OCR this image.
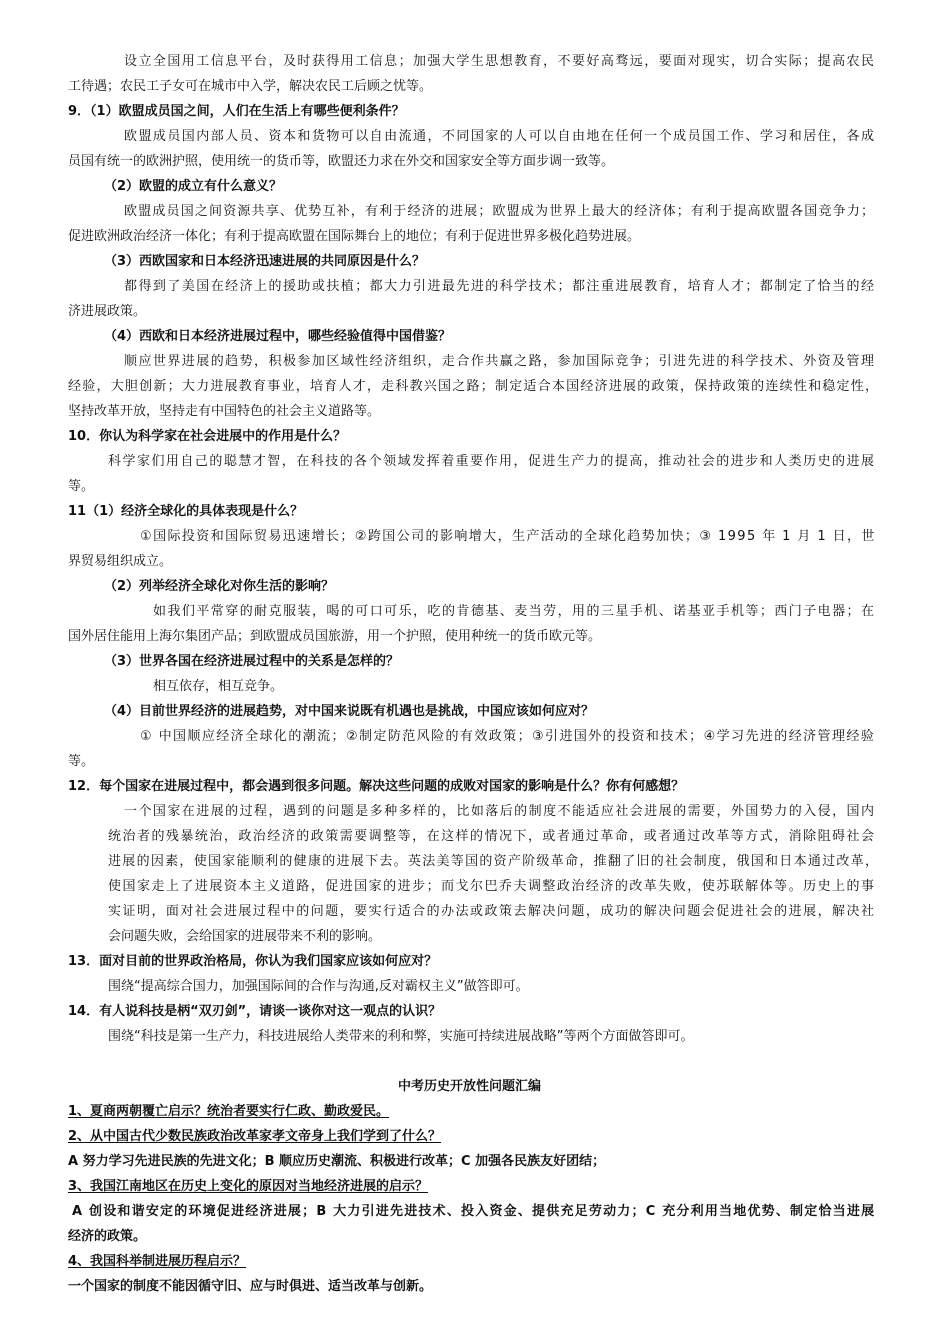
设立全国用工信息平台，及时获得用工信息；加强大学生思想教育，不要好高骛远，要面对现实，切合实际；提高农民
工待遇；农民工子女可在城市中入学，解决农民工后顾之忧等。
9．（1）欧盟成员国之间，人们在生活上有哪些便利条件？
欧盟成员国内部人员、资本和货物可以自由流通，不同国家的人可以自由地在任何一个成员国工作、学习和居住，各成
员国有统一的欧洲护照，使用统一的货币等，欧盟还力求在外交和国家安全等方面步调一致等。
（2）欧盟的成立有什么意义？
欧盟成员国之间资源共享、优势互补，有利于经济的进展；欧盟成为世界上最大的经济体；有利于提高欧盟各国竞争力；
促进欧洲政治经济一体化；有利于提高欧盟在国际舞台上的地位；有利于促进世界多极化趋势进展。
（3）西欧国家和日本经济迅速进展的共同原因是什么？
都得到了美国在经济上的援助或扶植；都大力引进最先进的科学技术；都注重进展教育，培育人才；都制定了恰当的经
济进展政策。
（4）西欧和日本经济进展过程中，哪些经验值得中国借鉴？
顺应世界进展的趋势，积极参加区域性经济组织，走合作共赢之路，参加国际竞争；引进先进的科学技术、外资及管理
经验，大胆创新；大力进展教育事业，培育人才，走科教兴国之路；制定适合本国经济进展的政策，保持政策的连续性和稳定性，
坚持改革开放，坚持走有中国特色的社会主义道路等。
10．你认为科学家在社会进展中的作用是什么？
科学家们用自己的聪慧才智，在科技的各个领域发挥着重要作用，促进生产力的提高，推动社会的进步和人类历史的进展
等。
11（1）经济全球化的具体表现是什么？
①国际投资和国际贸易迅速增长；②跨国公司的影响增大，生产活动的全球化趋势加快；③ 1995 年 1 月 1 日，世
界贸易组织成立。
（2）列举经济全球化对你生活的影响？
如我们平常穿的耐克服装，喝的可口可乐，吃的肯德基、麦当劳，用的三星手机、诺基亚手机等；西门子电器；在
国外居住能用上海尔集团产品；到欧盟成员国旅游，用一个护照，使用种统一的货币欧元等。
（3）世界各国在经济进展过程中的关系是怎样的？
相互依存，相互竞争。
（4）目前世界经济的进展趋势，对中国来说既有机遇也是挑战，中国应该如何应对？
① 中国顺应经济全球化的潮流；②制定防范风险的有效政策；③引进国外的投资和技术；④学习先进的经济管理经验
等。
12．每个国家在进展过程中，都会遇到很多问题。解决这些问题的成败对国家的影响是什么？你有何感想？
一个国家在进展的过程，遇到的问题是多种多样的，比如落后的制度不能适应社会进展的需要，外国势力的入侵，国内
统治者的残暴统治，政治经济的政策需要调整等，在这样的情况下，或者通过革命，或者通过改革等方式，消除阻碍社会
进展的因素，使国家能顺利的健康的进展下去。英法美等国的资产阶级革命，推翻了旧的社会制度，俄国和日本通过改革，
使国家走上了进展资本主义道路，促进国家的进步；而戈尔巴乔夫调整政治经济的改革失败，使苏联解体等。历史上的事
实证明，面对社会进展过程中的问题，要实行适合的办法或政策去解决问题，成功的解决问题会促进社会的进展，解决社
会问题失败，会给国家的进展带来不利的影响。
13．面对目前的世界政治格局，你认为我们国家应该如何应对？
围绕“提高综合国力，加强国际间的合作与沟通,反对霸权主义”做答即可。
14．有人说科技是柄“双刃剑”，请谈一谈你对这一观点的认识？
围绕“科技是第一生产力，科技进展给人类带来的利和弊，实施可持续进展战略”等两个方面做答即可。
中考历史开放性问题汇编
1、夏商两朝覆亡启示？统治者要实行仁政、勤政爱民。
2、从中国古代少数民族政治改革家孝文帝身上我们学到了什么？
A 努力学习先进民族的先进文化；B 顺应历史潮流、积极进行改革；C 加强各民族友好团结；
3、我国江南地区在历史上变化的原因对当地经济进展的启示？
A 创设和谐安定的环境促进经济进展；B 大力引进先进技术、投入资金、提供充足劳动力；C 充分利用当地优势、制定恰当进展
经济的政策。
4、我国科举制进展历程启示？
一个国家的制度不能因循守旧、应与时俱进、适当改革与创新。
